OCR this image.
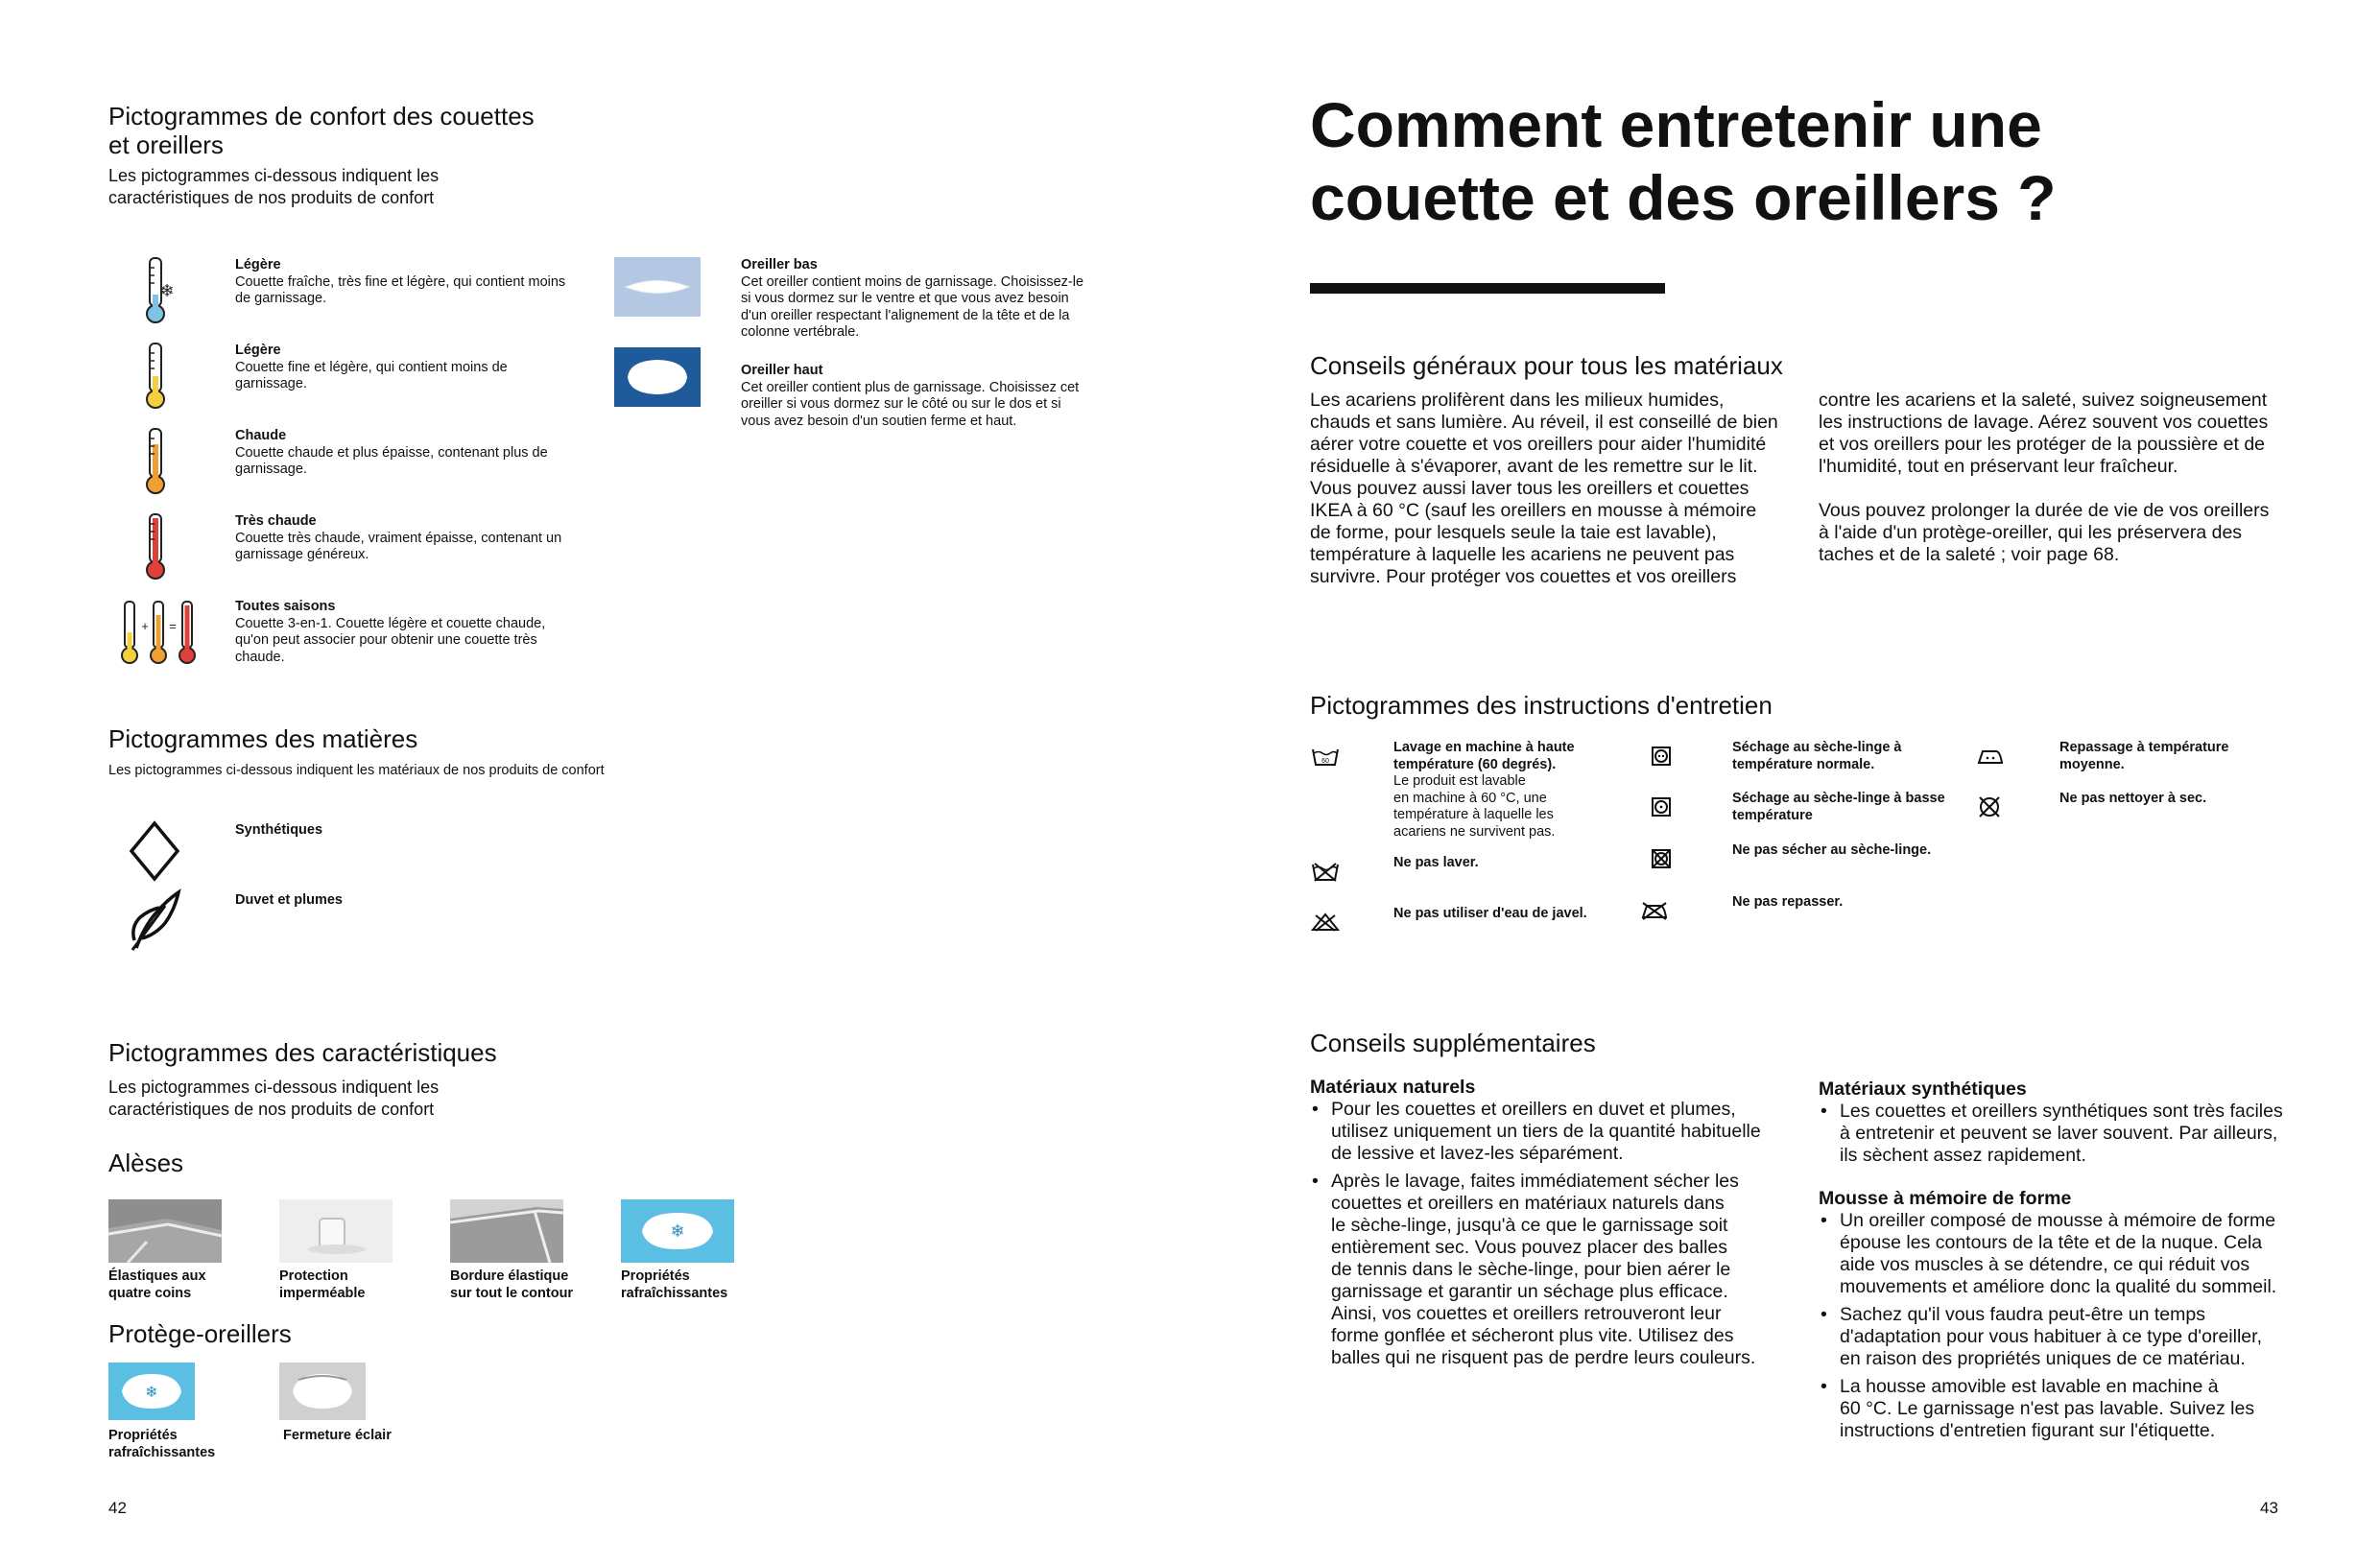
Pictogrammes de confort des couettes

et oreillers

Les pictogrammes ci-dessous indiquent les

caractéristiques de nos produits de confort

❄
+ =
Légère
Couette fraîche, très fine et légère, qui contient moins de garnissage.
Légère
Couette fine et légère, qui contient moins de garnissage.
Chaude
Couette chaude et plus épaisse, contenant plus de garnissage.
Très chaude
Couette très chaude, vraiment épaisse, contenant un garnissage généreux.
Toutes saisons
Couette 3-en-1. Couette légère et couette chaude, qu'on peut associer pour obtenir une couette très chaude.
Oreiller bas
Cet oreiller contient moins de garnissage. Choisissez-le si vous dormez sur le ventre et que vous avez besoin d'un oreiller respectant l'alignement de la tête et de la colonne vertébrale.
Oreiller haut
Cet oreiller contient plus de garnissage. Choisissez cet oreiller si vous dormez sur le côté ou sur le dos et si vous avez besoin d'un soutien ferme et haut.

Pictogrammes des matières

Les pictogrammes ci-dessous indiquent les matériaux de nos produits de confort

Synthétiques

Duvet et plumes

Pictogrammes des caractéristiques

Les pictogrammes ci-dessous indiquent les

caractéristiques de nos produits de confort

Alèses

❄
Élastiques aux
quatre coins
Protection
imperméable
Bordure élastique
sur tout le contour
Propriétés
rafraîchissantes

Protège-oreillers

❄
Propriétés
rafraîchissantes
Fermeture éclair

42

Comment entretenir une
couette et des oreillers ?

Conseils généraux pour tous les matériaux

Les acariens prolifèrent dans les milieux humides,
chauds et sans lumière. Au réveil, il est conseillé de bien
aérer votre couette et vos oreillers pour aider l'humidité
résiduelle à s'évaporer, avant de les remettre sur le lit.
Vous pouvez aussi laver tous les oreillers et couettes
IKEA à 60 °C (sauf les oreillers en mousse à mémoire
de forme, pour lesquels seule la taie est lavable),
température à laquelle les acariens ne peuvent pas
survivre. Pour protéger vos couettes et vos oreillers
contre les acariens et la saleté, suivez soigneusement
les instructions de lavage. Aérez souvent vos couettes
et vos oreillers pour les protéger de la poussière et de
l'humidité, tout en préservant leur fraîcheur.
Vous pouvez prolonger la durée de vie de vos oreillers
à l'aide d'un protège-oreiller, qui les préservera des
taches et de la saleté ; voir page 68.

Pictogrammes des instructions d'entretien

60
Lavage en machine à haute
température (60 degrés).
Le produit est lavable
en machine à 60 °C, une
température à laquelle les
acariens ne survivent pas.
Ne pas laver.
Ne pas utiliser d'eau de javel.
Séchage au sèche-linge à
température normale.
Séchage au sèche-linge à basse
température
Ne pas sécher au sèche-linge.
Ne pas repasser.
Repassage à température
moyenne.
Ne pas nettoyer à sec.

Conseils supplémentaires

Matériaux naturels
• Pour les couettes et oreillers en duvet et plumes,
utilisez uniquement un tiers de la quantité habituelle
de lessive et lavez-les séparément.
• Après le lavage, faites immédiatement sécher les
couettes et oreillers en matériaux naturels dans
le sèche-linge, jusqu'à ce que le garnissage soit
entièrement sec. Vous pouvez placer des balles
de tennis dans le sèche-linge, pour bien aérer le
garnissage et garantir un séchage plus efficace.
Ainsi, vos couettes et oreillers retrouveront leur
forme gonflée et sécheront plus vite. Utilisez des
balles qui ne risquent pas de perdre leurs couleurs.
Matériaux synthétiques
• Les couettes et oreillers synthétiques sont très faciles
à entretenir et peuvent se laver souvent. Par ailleurs,
ils sèchent assez rapidement.
Mousse à mémoire de forme
• Un oreiller composé de mousse à mémoire de forme
épouse les contours de la tête et de la nuque. Cela
aide vos muscles à se détendre, ce qui réduit vos
mouvements et améliore donc la qualité du sommeil.
• Sachez qu'il vous faudra peut-être un temps
d'adaptation pour vous habituer à ce type d'oreiller,
en raison des propriétés uniques de ce matériau.
• La housse amovible est lavable en machine à
60 °C. Le garnissage n'est pas lavable. Suivez les
instructions d'entretien figurant sur l'étiquette.

43
